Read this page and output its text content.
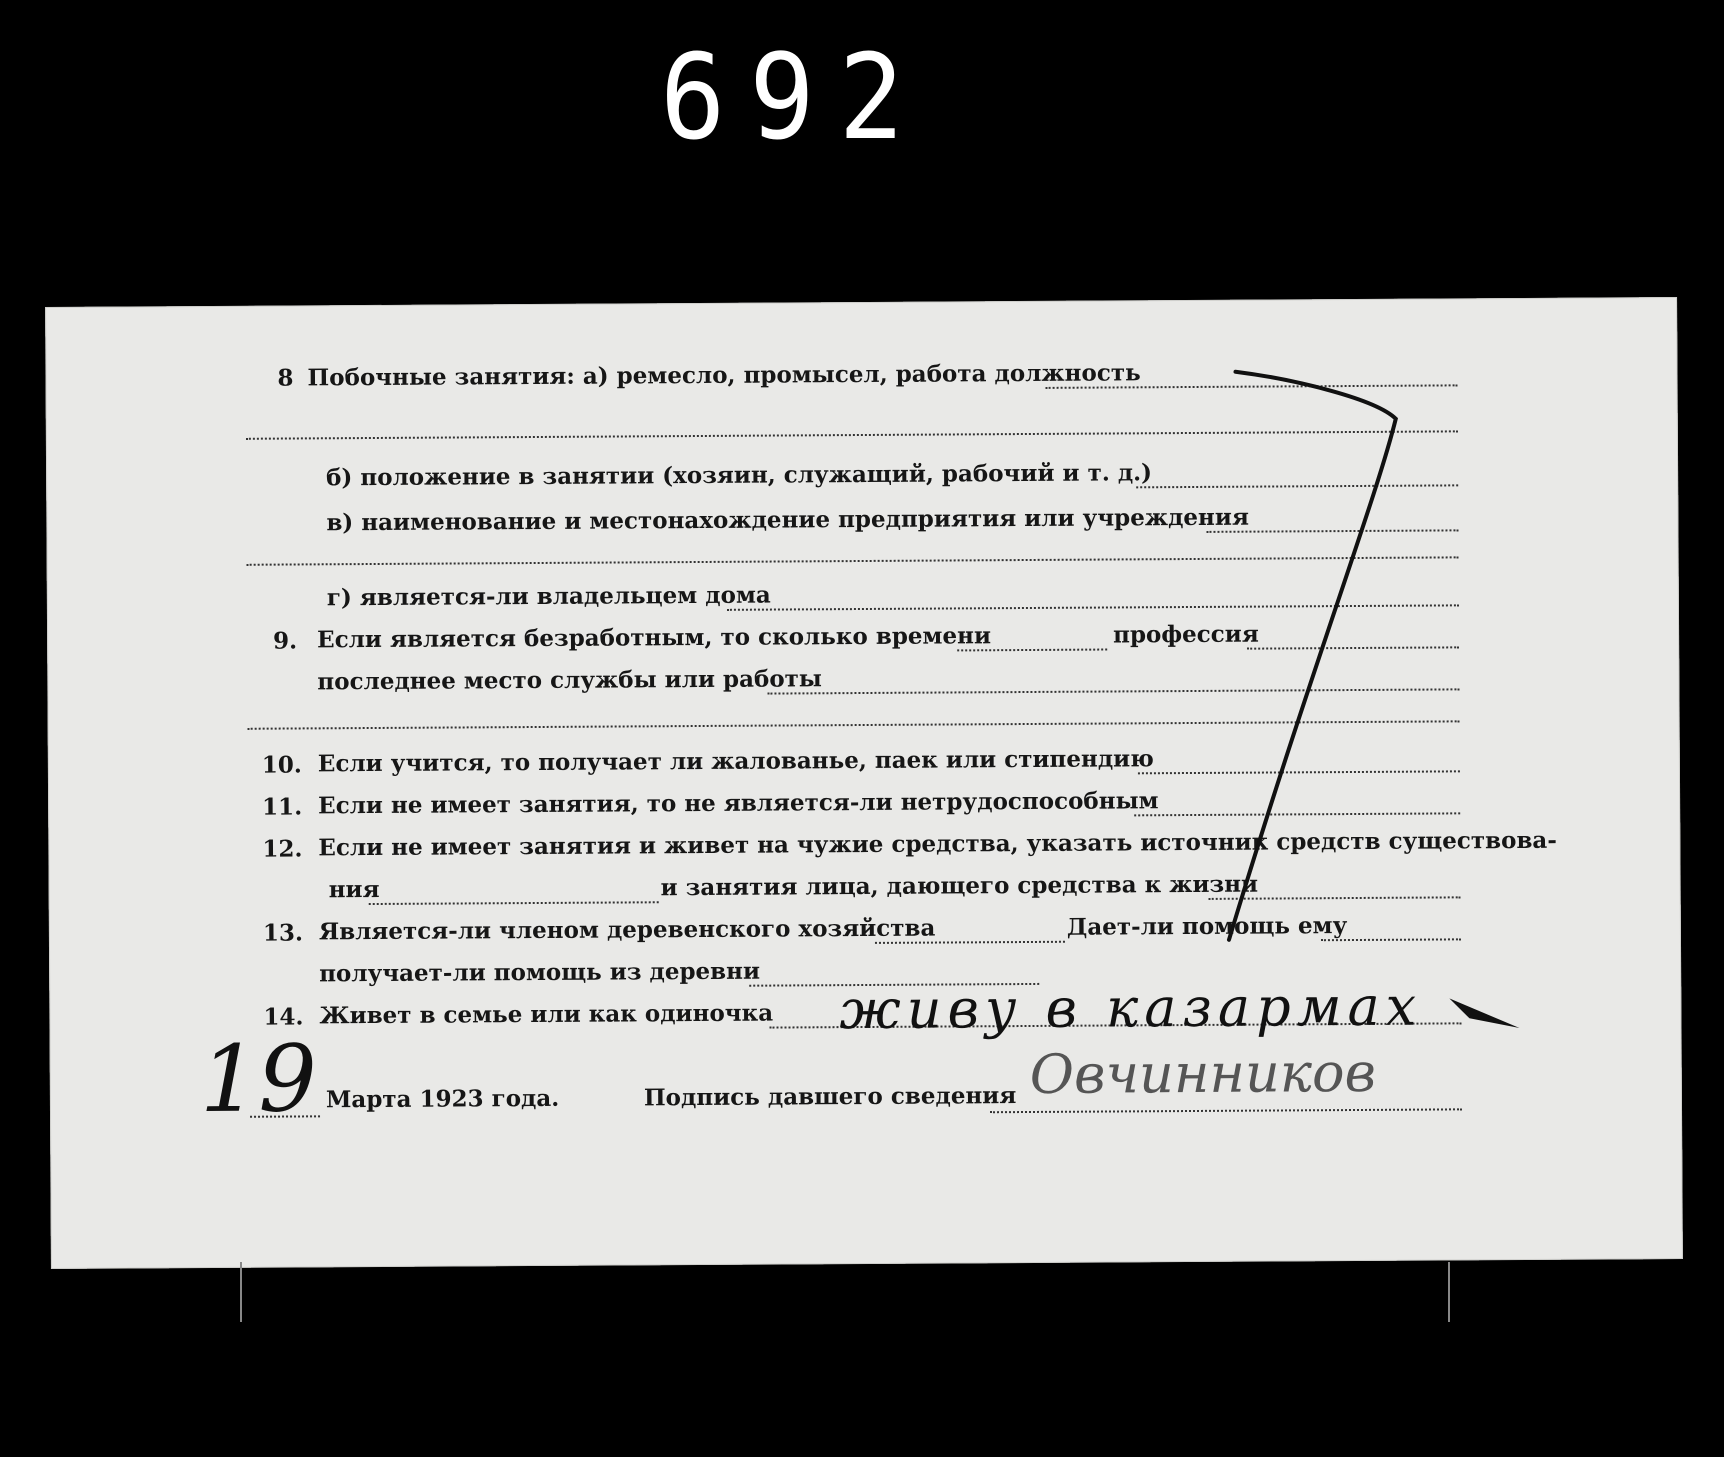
692
8 Побочные занятия: а) ремесло, промысел, работа должность
б) положение в занятии (хозяин, служащий, рабочий и т. д.)
в) наименование и местонахождение предприятия или учреждения
г) является-ли владельцем дома
9. Если является безработным, то сколько времени	профессия
последнее место службы или работы
10. Если учится, то получает ли жалованье, паек или стипендию
11. Если не имеет занятия, то не является-ли нетрудоспособным
12. Если не имеет занятия и живет на чужие средства, указать источник средств существова-
ния	и занятия лица, дающего средства к жизни
13. Является-ли членом деревенского хозяйства	Дает-ли помощь ему
получает-ли помощь из деревни
14. Живет в семье или как одиночка живу в казармах
19 Марта 1923 года.	Подпись давшего сведения Овчинников
